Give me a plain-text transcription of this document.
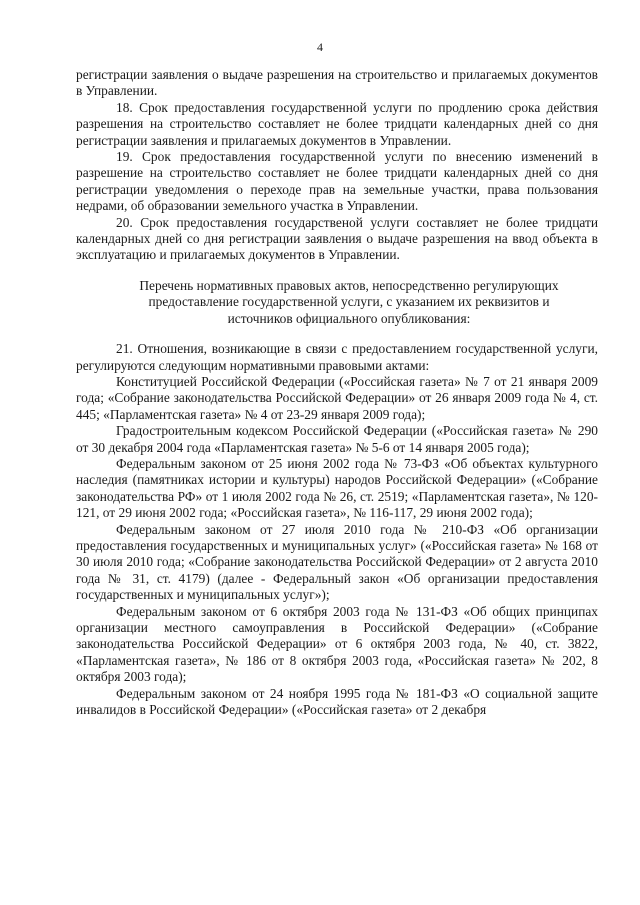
4

регистрации заявления о выдаче разрешения на строительство и прилагаемых документов в Управлении.

18. Срок предоставления государственной услуги по продлению срока действия разрешения на строительство составляет не более тридцати календарных дней со дня регистрации заявления и прилагаемых документов в Управлении.

19. Срок предоставления государственной услуги по внесению изменений в разрешение на строительство составляет не более тридцати календарных дней со дня регистрации уведомления о переходе прав на земельные участки, права пользования недрами, об образовании земельного участка в Управлении.

20. Срок предоставления государственой услуги составляет не более тридцати календарных дней со дня регистрации заявления о выдаче разрешения на ввод объекта в эксплуатацию и прилагаемых документов в Управлении.

Перечень нормативных правовых актов, непосредственно регулирующих предоставление государственной услуги, с указанием их реквизитов и источников официального опубликования:

21. Отношения, возникающие в связи с предоставлением государственной услуги, регулируются следующим нормативными правовыми актами:

Конституцией Российской Федерации («Российская газета» № 7 от 21 января 2009 года; «Собрание законодательства Российской Федерации» от 26 января 2009 года № 4, ст. 445; «Парламентская газета» № 4 от 23-29 января 2009 года);

Градостроительным кодексом Российской Федерации («Российская газета» № 290 от 30 декабря 2004 года «Парламентская газета» № 5-6 от 14 января 2005 года);

Федеральным законом от 25 июня 2002 года № 73-ФЗ «Об объектах культурного наследия (памятниках истории и культуры) народов Российской Федерации» («Собрание законодательства РФ» от 1 июля 2002 года № 26, ст. 2519; «Парламентская газета», № 120-121, от 29 июня 2002 года; «Российская газета», № 116-117, 29 июня 2002 года);

Федеральным законом от 27 июля 2010 года № 210-ФЗ «Об организации предоставления государственных и муниципальных услуг» («Российская газета» № 168 от 30 июля 2010 года; «Собрание законодательства Российской Федерации» от 2 августа 2010 года № 31, ст. 4179) (далее - Федеральный закон «Об организации предоставления государственных и муниципальных услуг»);

Федеральным законом от 6 октября 2003 года № 131-ФЗ «Об общих принципах организации местного самоуправления в Российской Федерации» («Собрание законодательства Российской Федерации» от 6 октября 2003 года, № 40, ст. 3822, «Парламентская газета», № 186 от 8 октября 2003 года, «Российская газета» № 202, 8 октября 2003 года);

Федеральным законом от 24 ноября 1995 года № 181-ФЗ «О социальной защите инвалидов в Российской Федерации» («Российская газета» от 2 декабря
